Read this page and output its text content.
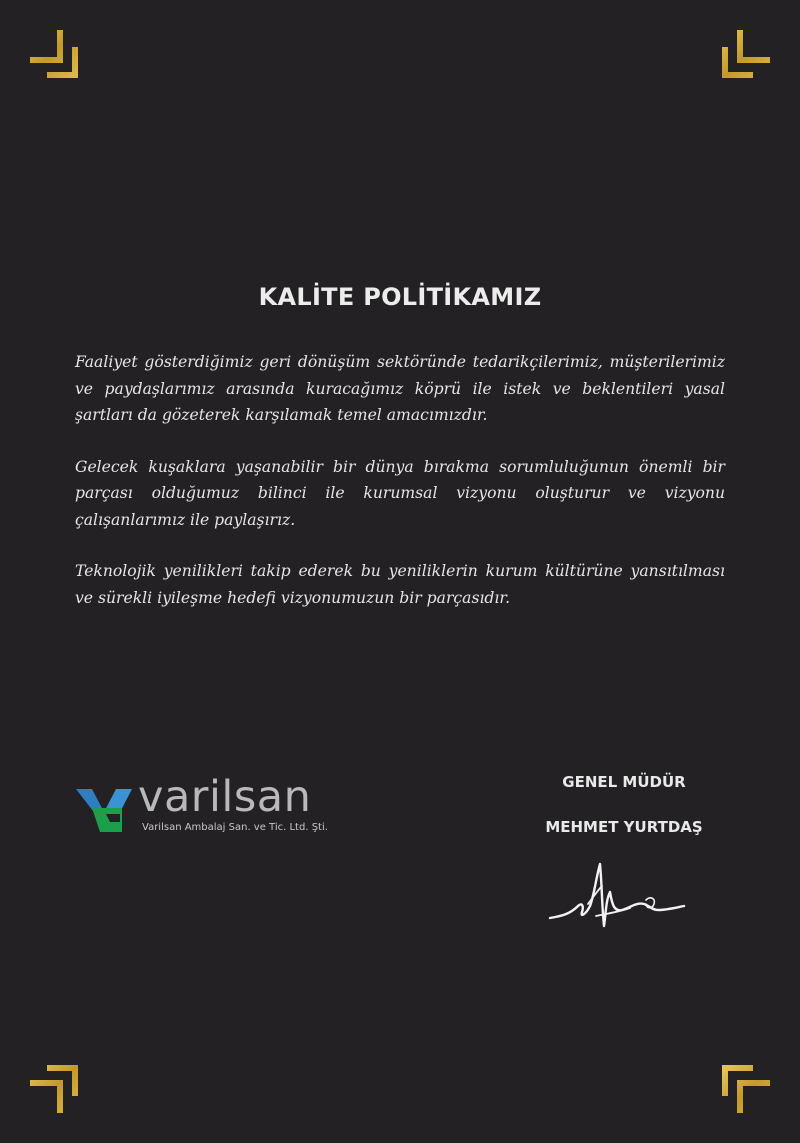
KALİTE POLİTİKAMIZ

Faaliyet gösterdiğimiz geri dönüşüm sektöründe tedarikçilerimiz, müşterilerimiz ve paydaşlarımız arasında kuracağımız köprü ile istek ve beklentileri yasal şartları da gözeterek karşılamak temel amacımızdır.

Gelecek kuşaklara yaşanabilir bir dünya bırakma sorumluluğunun önemli bir parçası olduğumuz bilinci ile kurumsal vizyonu oluşturur ve vizyonu çalışanlarımız ile paylaşırız.

Teknolojik yenilikleri takip ederek bu yeniliklerin kurum kültürüne yansıtılması ve sürekli iyileşme hedefi vizyonumuzun bir parçasıdır.

varilsan
Varilsan Ambalaj San. ve Tic. Ltd. Şti.
GENEL MÜDÜR
MEHMET YURTDAŞ
